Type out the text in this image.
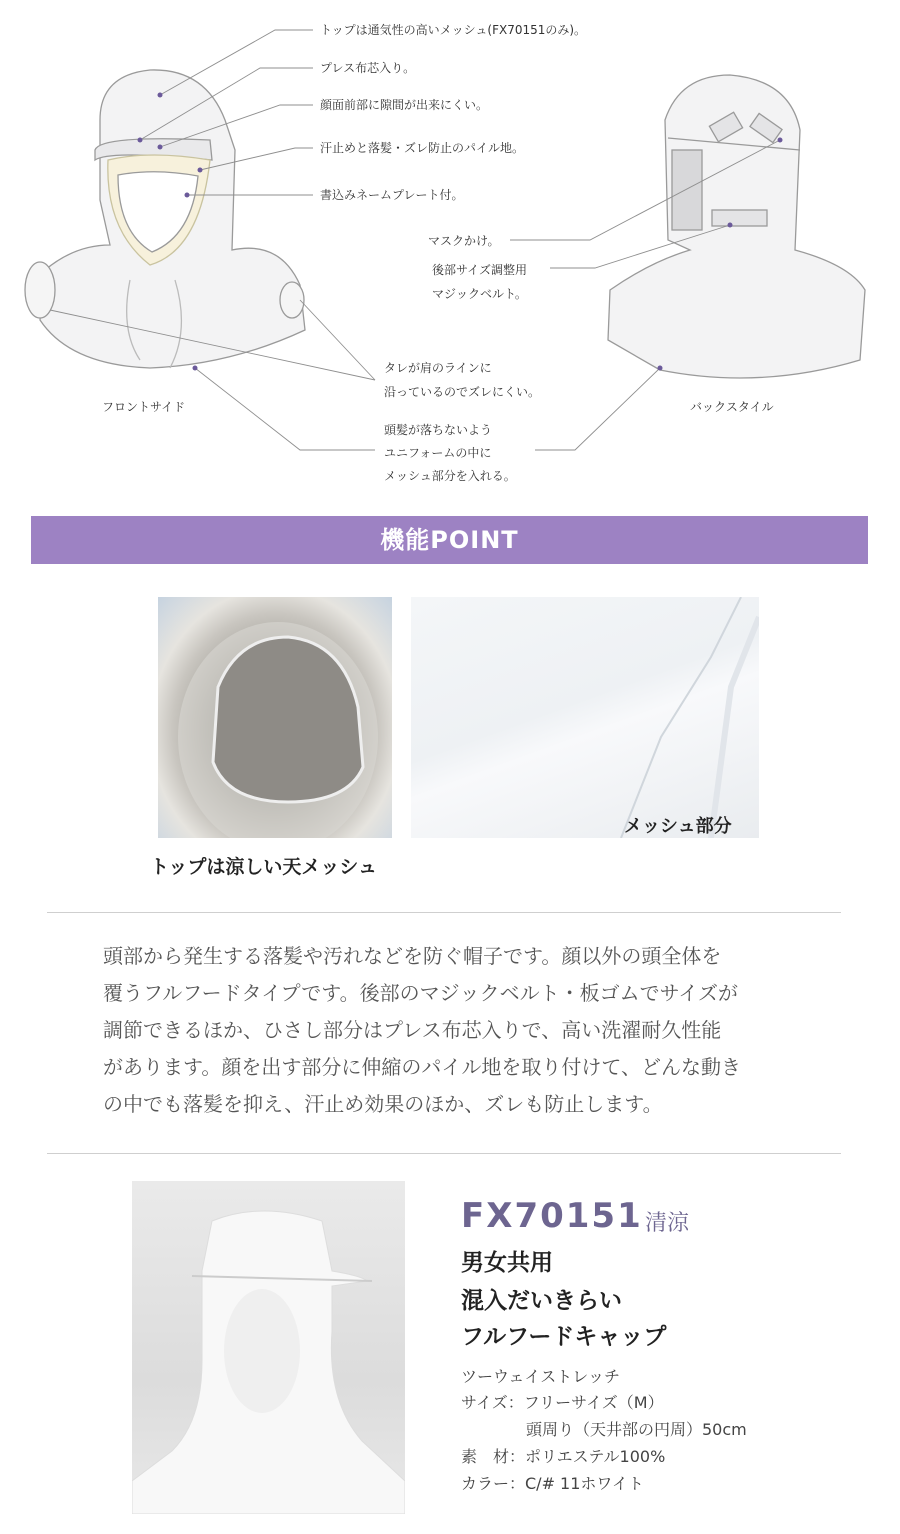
トップは通気性の高いメッシュ(FX70151のみ)。
プレス布芯入り。
顔面前部に隙間が出来にくい。
汗止めと落髪・ズレ防止のパイル地。
書込みネームプレート付。
マスクかけ。
後部サイズ調整用
マジックベルト。
タレが肩のラインに
沿っているのでズレにくい。
頭髪が落ちないよう
ユニフォームの中に
メッシュ部分を入れる。
フロントサイド	バックスタイル
機能POINT
メッシュ部分
トップは涼しい天メッシュ
頭部から発生する落髪や汚れなどを防ぐ帽子です。顔以外の頭全体を
覆うフルフードタイプです。後部のマジックベルト・板ゴムでサイズが
調節できるほか、ひさし部分はプレス布芯入りで、高い洗濯耐久性能
があります。顔を出す部分に伸縮のパイル地を取り付けて、どんな動き
の中でも落髪を抑え、汗止め効果のほか、ズレも防止します。
FX70151 清涼
男女共用
混入だいきらい
フルフードキャップ
ツーウェイストレッチ
サイズ：フリーサイズ（M）
頭周り（天井部の円周）50cm
素　材：ポリエステル100%
カラー：C/# 11ホワイト
